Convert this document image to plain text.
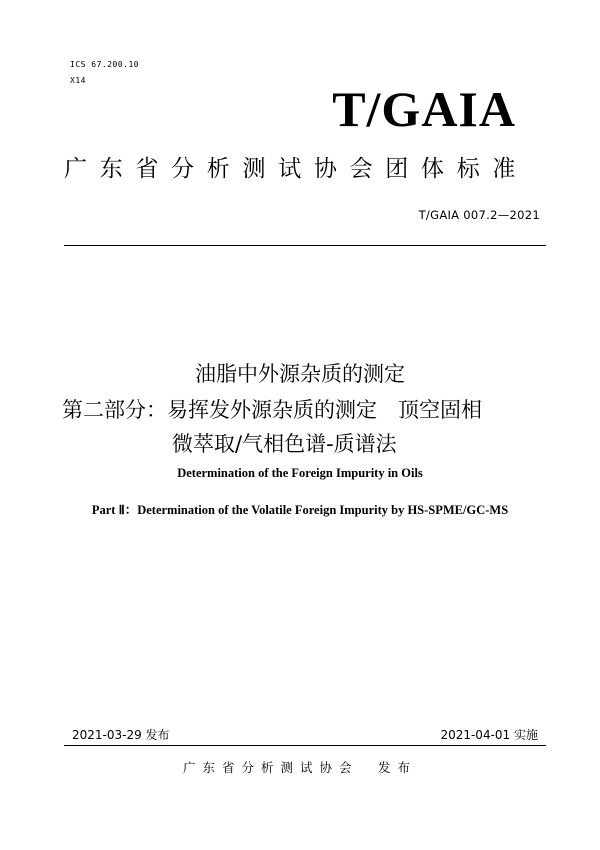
ICS 67.200.10
X14
T/GAIA
广东省分析测试协会团体标准
T/GAIA 007.2—2021
油脂中外源杂质的测定
第二部分：易挥发外源杂质的测定　顶空固相
微萃取/气相色谱-质谱法
Determination of the Foreign Impurity in Oils
Part Ⅱ：Determination of the Volatile Foreign Impurity by HS-SPME/GC-MS
2021-03-29 发布	2021-04-01 实施
广东省分析测试协会　发布
